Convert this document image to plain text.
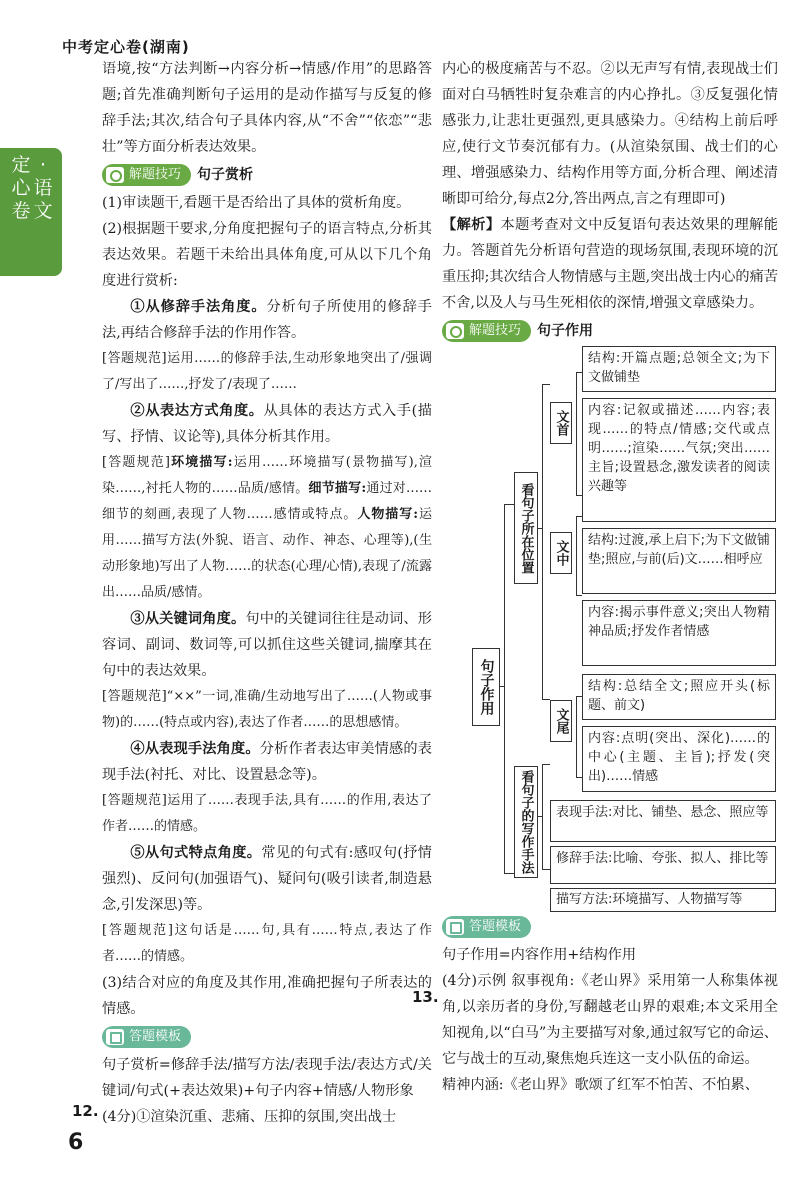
中考定心卷(湖南)
定心卷·
语文

语境,按“方法判断→内容分析→情感/作用”的思路答题;首先准确判断句子运用的是动作描写与反复的修辞手法;其次,结合句子具体内容,从“不舍”“依恋”“悲壮”等方面分析表达效果。

解题技巧 句子赏析

(1)审读题干,看题干是否给出了具体的赏析角度。

(2)根据题干要求,分角度把握句子的语言特点,分析其表达效果。若题干未给出具体角度,可从以下几个角度进行赏析:

①从修辞手法角度。分析句子所使用的修辞手法,再结合修辞手法的作用作答。

[答题规范]运用……的修辞手法,生动形象地突出了/强调了/写出了……,抒发了/表现了……

②从表达方式角度。从具体的表达方式入手(描写、抒情、议论等),具体分析其作用。

[答题规范]环境描写:运用……环境描写(景物描写),渲染……,衬托人物的……品质/感情。细节描写:通过对……细节的刻画,表现了人物……感情或特点。人物描写:运用……描写方法(外貌、语言、动作、神态、心理等),(生动形象地)写出了人物……的状态(心理/心情),表现了/流露出……品质/感情。

③从关键词角度。句中的关键词往往是动词、形容词、副词、数词等,可以抓住这些关键词,揣摩其在句中的表达效果。

[答题规范]“××”一词,准确/生动地写出了……(人物或事物)的……(特点或内容),表达了作者……的思想感情。

④从表现手法角度。分析作者表达审美情感的表现手法(衬托、对比、设置悬念等)。

[答题规范]运用了……表现手法,具有……的作用,表达了作者……的情感。

⑤从句式特点角度。常见的句式有:感叹句(抒情强烈)、反问句(加强语气)、疑问句(吸引读者,制造悬念,引发深思)等。

[答题规范]这句话是……句,具有……特点,表达了作者……的情感。

(3)结合对应的角度及其作用,准确把握句子所表达的情感。

答题模板

句子赏析=修辞手法/描写方法/表现手法/表达方式/关键词/句式(+表达效果)+句子内容+情感/人物形象

(4分)①渲染沉重、悲痛、压抑的氛围,突出战士

12.

内心的极度痛苦与不忍。②以无声写有情,表现战士们面对白马牺牲时复杂难言的内心挣扎。③反复强化情感张力,让悲壮更强烈,更具感染力。④结构上前后呼应,使行文节奏沉郁有力。(从渲染氛围、战士们的心理、增强感染力、结构作用等方面,分析合理、阐述清晰即可给分,每点2分,答出两点,言之有理即可)

【解析】本题考查对文中反复语句表达效果的理解能力。答题首先分析语句营造的现场氛围,表现环境的沉重压抑;其次结合人物情感与主题,突出战士内心的痛苦不舍,以及人与马生死相依的深情,增强文章感染力。

解题技巧 句子作用
句子作用
看句子所在位置
看句子的写作手法
文首
结构:开篇点题;总领全文;为下文做铺垫
内容:记叙或描述……内容;表现……的特点/情感;交代或点明……;渲染……气氛;突出……主旨;设置悬念,激发读者的阅读兴趣等
文中	结构:过渡,承上启下;为下文做铺垫;照应,与前(后)文……相呼应
内容:揭示事件意义;突出人物精神品质;抒发作者情感
文尾
结构:总结全文;照应开头(标题、前文)
内容:点明(突出、深化)……的中心(主题、主旨);抒发(突出)……情感
表现手法:对比、铺垫、悬念、照应等
修辞手法:比喻、夸张、拟人、排比等
描写方法:环境描写、人物描写等
答题模板

句子作用=内容作用+结构作用

(4分)示例 叙事视角:《老山界》采用第一人称集体视角,以亲历者的身份,写翻越老山界的艰难;本文采用全知视角,以“白马”为主要描写对象,通过叙写它的命运、它与战士的互动,聚焦炮兵连这一支小队伍的命运。

精神内涵:《老山界》歌颂了红军不怕苦、不怕累、

13.
6
